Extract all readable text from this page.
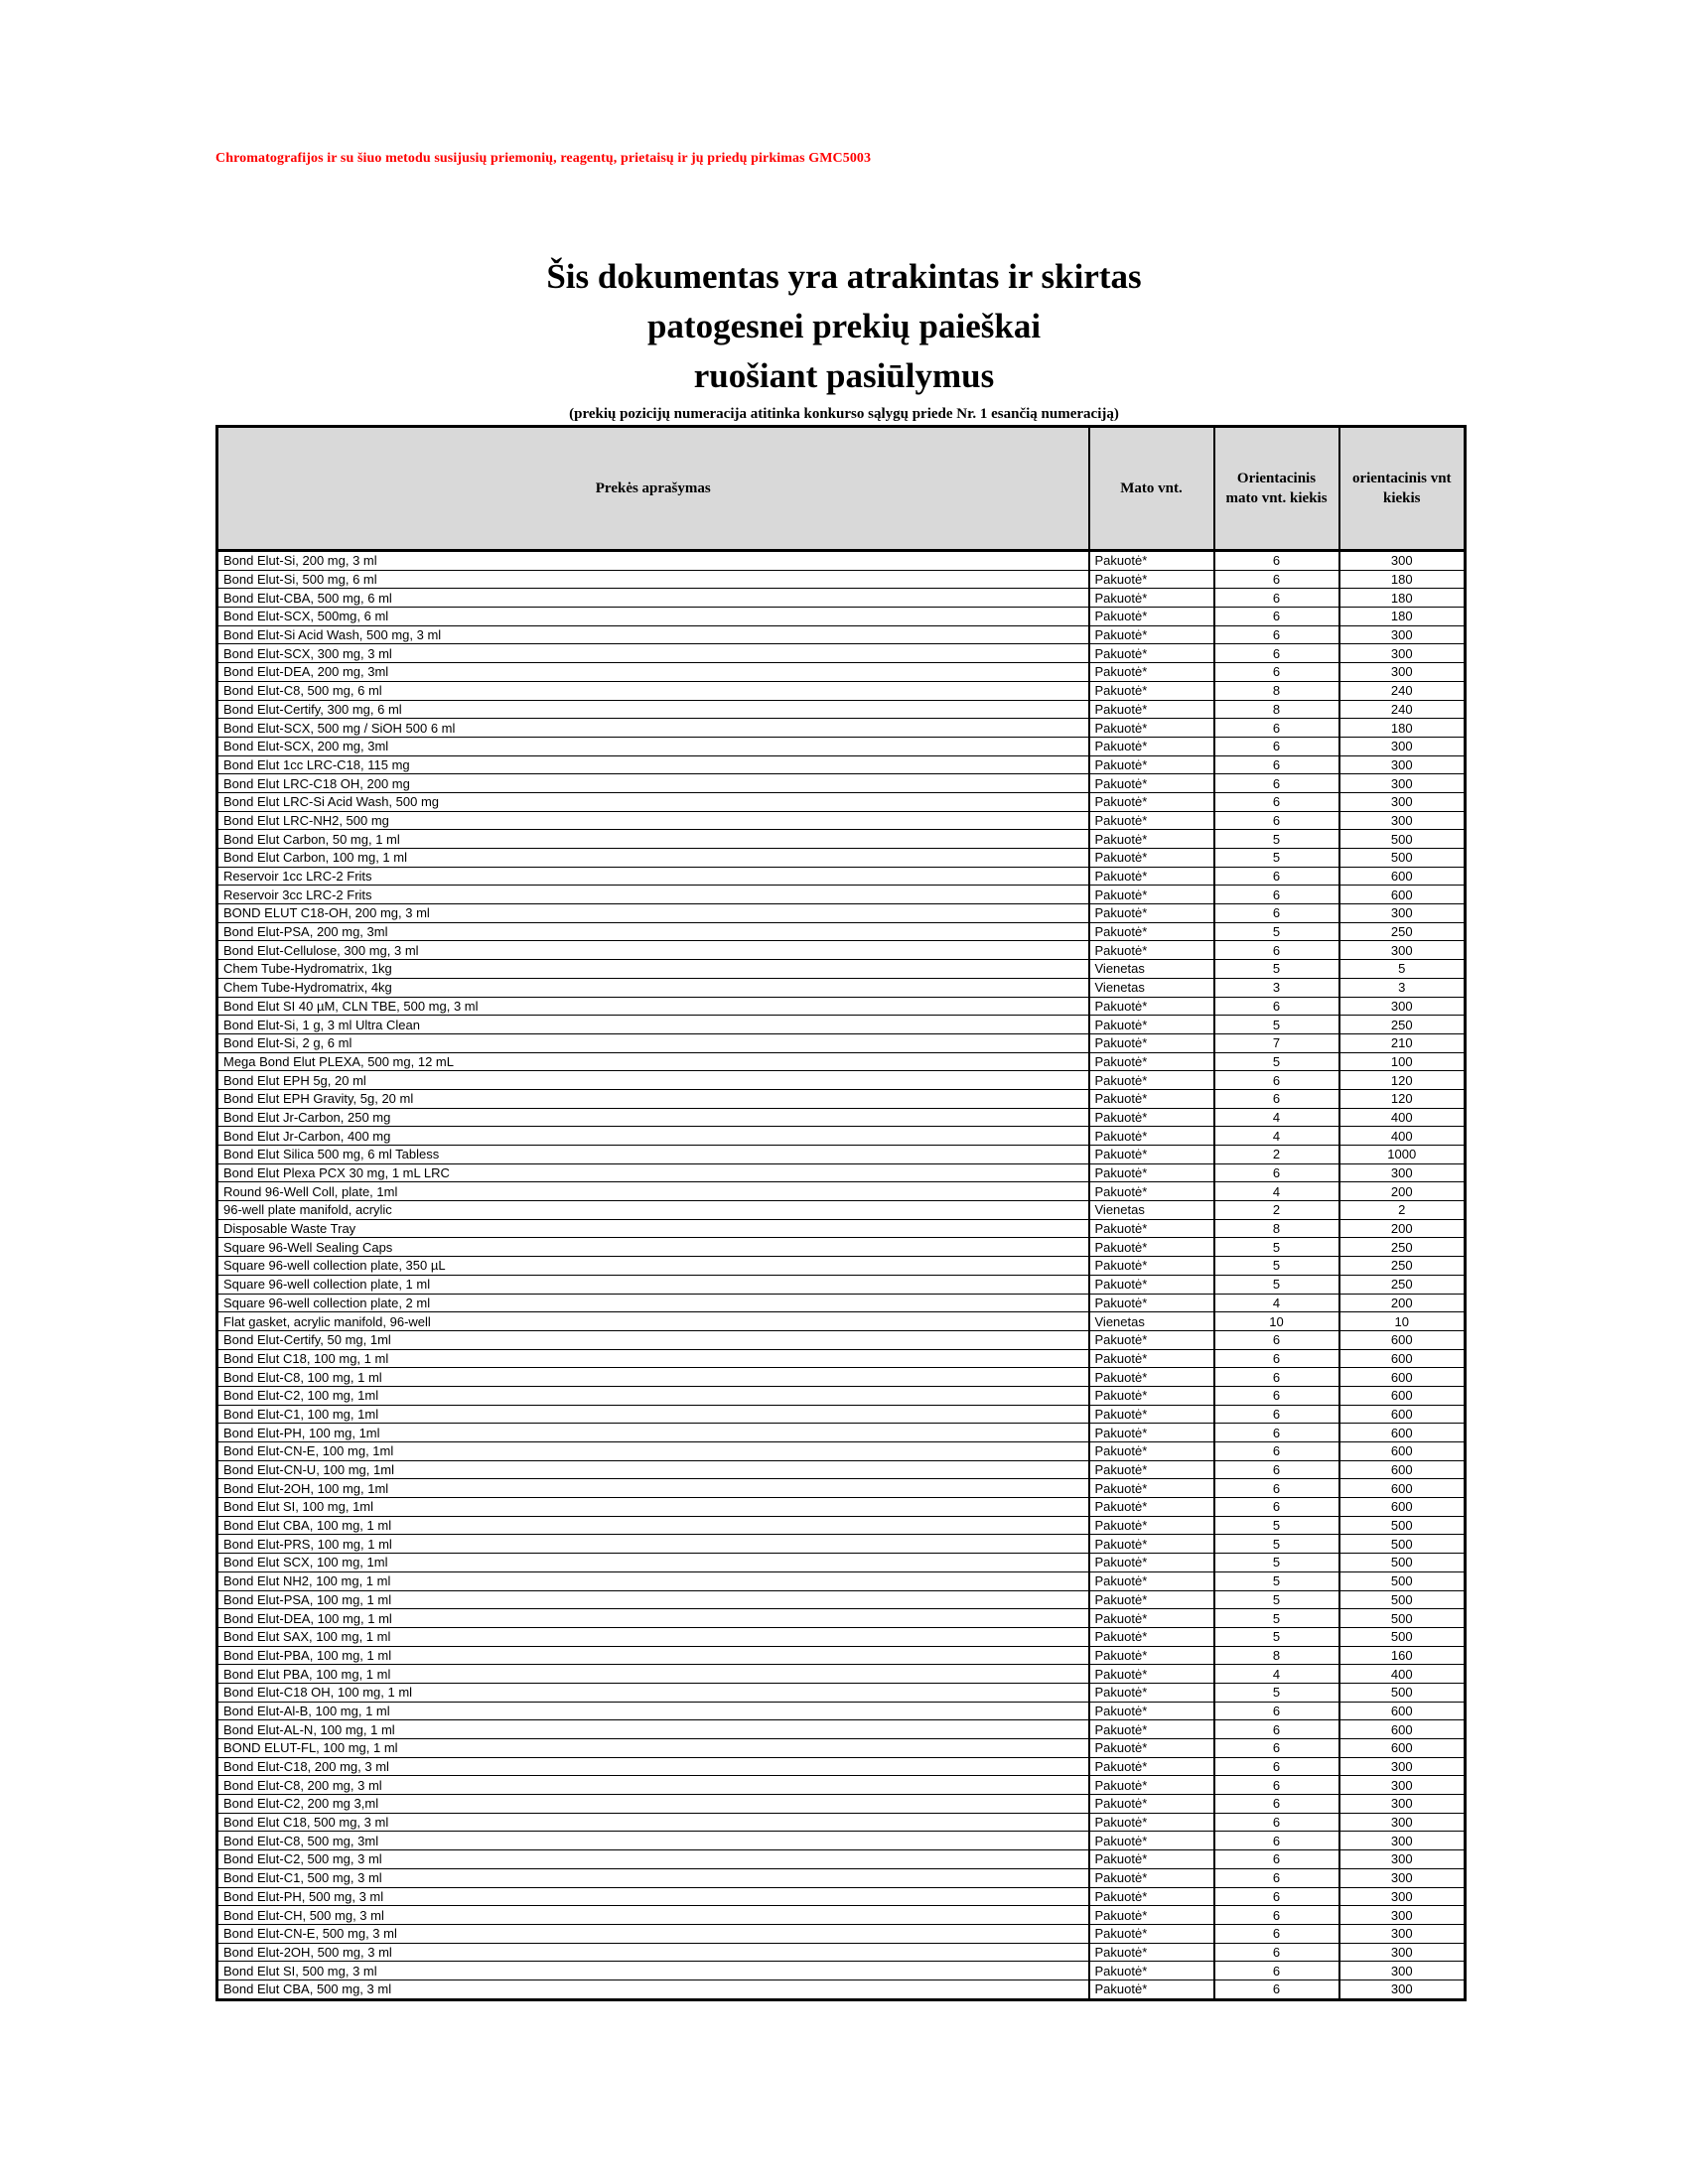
Chromatografijos ir su šiuo metodu susijusių priemonių, reagentų, prietaisų ir jų priedų pirkimas GMC5003
Šis dokumentas yra atrakintas ir skirtas
patogesnei prekių paieškai
ruošiant pasiūlymus
(prekių pozicijų numeracija atitinka konkurso sąlygų priede Nr. 1 esančią numeraciją)
Prekės aprašymas	Mato vnt.	Orientacinis mato vnt. kiekis	orientacinis vnt kiekis
Bond Elut-Si, 200 mg, 3 ml	Pakuotė*	6	300
Bond Elut-Si, 500 mg, 6 ml	Pakuotė*	6	180
Bond Elut-CBA, 500 mg, 6 ml	Pakuotė*	6	180
Bond Elut-SCX, 500mg, 6 ml	Pakuotė*	6	180
Bond Elut-Si Acid Wash, 500 mg, 3 ml	Pakuotė*	6	300
Bond Elut-SCX, 300 mg, 3 ml	Pakuotė*	6	300
Bond Elut-DEA, 200 mg, 3ml	Pakuotė*	6	300
Bond Elut-C8, 500 mg, 6 ml	Pakuotė*	8	240
Bond Elut-Certify, 300 mg, 6 ml	Pakuotė*	8	240
Bond Elut-SCX, 500 mg / SiOH 500 6 ml	Pakuotė*	6	180
Bond Elut-SCX, 200 mg, 3ml	Pakuotė*	6	300
Bond Elut 1cc LRC-C18, 115 mg	Pakuotė*	6	300
Bond Elut LRC-C18 OH, 200 mg	Pakuotė*	6	300
Bond Elut LRC-Si Acid Wash, 500 mg	Pakuotė*	6	300
Bond Elut LRC-NH2, 500 mg	Pakuotė*	6	300
Bond Elut Carbon, 50 mg, 1 ml	Pakuotė*	5	500
Bond Elut Carbon, 100 mg, 1 ml	Pakuotė*	5	500
Reservoir 1cc LRC-2 Frits	Pakuotė*	6	600
Reservoir 3cc LRC-2 Frits	Pakuotė*	6	600
BOND ELUT C18-OH, 200 mg, 3 ml	Pakuotė*	6	300
Bond Elut-PSA, 200 mg, 3ml	Pakuotė*	5	250
Bond Elut-Cellulose, 300 mg, 3 ml	Pakuotė*	6	300
Chem Tube-Hydromatrix, 1kg	Vienetas	5	5
Chem Tube-Hydromatrix, 4kg	Vienetas	3	3
Bond Elut SI 40 µM, CLN TBE, 500 mg, 3 ml	Pakuotė*	6	300
Bond Elut-Si, 1 g, 3 ml Ultra Clean	Pakuotė*	5	250
Bond Elut-Si, 2 g, 6 ml	Pakuotė*	7	210
Mega Bond Elut PLEXA, 500 mg, 12 mL	Pakuotė*	5	100
Bond Elut EPH 5g, 20 ml	Pakuotė*	6	120
Bond Elut EPH Gravity, 5g, 20 ml	Pakuotė*	6	120
Bond Elut Jr-Carbon, 250 mg	Pakuotė*	4	400
Bond Elut Jr-Carbon, 400 mg	Pakuotė*	4	400
Bond Elut Silica 500 mg, 6 ml Tabless	Pakuotė*	2	1000
Bond Elut Plexa PCX 30 mg, 1 mL LRC	Pakuotė*	6	300
Round 96-Well Coll, plate, 1ml	Pakuotė*	4	200
96-well plate manifold, acrylic	Vienetas	2	2
Disposable Waste Tray	Pakuotė*	8	200
Square 96-Well Sealing Caps	Pakuotė*	5	250
Square 96-well collection plate, 350 µL	Pakuotė*	5	250
Square 96-well collection plate, 1 ml	Pakuotė*	5	250
Square 96-well collection plate, 2 ml	Pakuotė*	4	200
Flat gasket, acrylic manifold, 96-well	Vienetas	10	10
Bond Elut-Certify, 50 mg, 1ml	Pakuotė*	6	600
Bond Elut C18, 100 mg, 1 ml	Pakuotė*	6	600
Bond Elut-C8, 100 mg, 1 ml	Pakuotė*	6	600
Bond Elut-C2, 100 mg, 1ml	Pakuotė*	6	600
Bond Elut-C1, 100 mg, 1ml	Pakuotė*	6	600
Bond Elut-PH, 100 mg, 1ml	Pakuotė*	6	600
Bond Elut-CN-E, 100 mg, 1ml	Pakuotė*	6	600
Bond Elut-CN-U, 100 mg, 1ml	Pakuotė*	6	600
Bond Elut-2OH, 100 mg, 1ml	Pakuotė*	6	600
Bond Elut SI, 100 mg, 1ml	Pakuotė*	6	600
Bond Elut CBA, 100 mg, 1 ml	Pakuotė*	5	500
Bond Elut-PRS, 100 mg, 1 ml	Pakuotė*	5	500
Bond Elut SCX, 100 mg, 1ml	Pakuotė*	5	500
Bond Elut NH2, 100 mg, 1 ml	Pakuotė*	5	500
Bond Elut-PSA, 100 mg, 1 ml	Pakuotė*	5	500
Bond Elut-DEA, 100 mg, 1 ml	Pakuotė*	5	500
Bond Elut SAX, 100 mg, 1 ml	Pakuotė*	5	500
Bond Elut-PBA, 100 mg, 1 ml	Pakuotė*	8	160
Bond Elut PBA, 100 mg, 1 ml	Pakuotė*	4	400
Bond Elut-C18 OH, 100 mg, 1 ml	Pakuotė*	5	500
Bond Elut-Al-B, 100 mg, 1 ml	Pakuotė*	6	600
Bond Elut-AL-N, 100 mg, 1 ml	Pakuotė*	6	600
BOND ELUT-FL, 100 mg, 1 ml	Pakuotė*	6	600
Bond Elut-C18, 200 mg, 3 ml	Pakuotė*	6	300
Bond Elut-C8, 200 mg, 3 ml	Pakuotė*	6	300
Bond Elut-C2, 200 mg 3,ml	Pakuotė*	6	300
Bond Elut C18, 500 mg, 3 ml	Pakuotė*	6	300
Bond Elut-C8, 500 mg, 3ml	Pakuotė*	6	300
Bond Elut-C2, 500 mg, 3 ml	Pakuotė*	6	300
Bond Elut-C1, 500 mg, 3 ml	Pakuotė*	6	300
Bond Elut-PH, 500 mg, 3 ml	Pakuotė*	6	300
Bond Elut-CH, 500 mg, 3 ml	Pakuotė*	6	300
Bond Elut-CN-E, 500 mg, 3 ml	Pakuotė*	6	300
Bond Elut-2OH, 500 mg, 3 ml	Pakuotė*	6	300
Bond Elut SI, 500 mg, 3 ml	Pakuotė*	6	300
Bond Elut CBA, 500 mg, 3 ml	Pakuotė*	6	300
